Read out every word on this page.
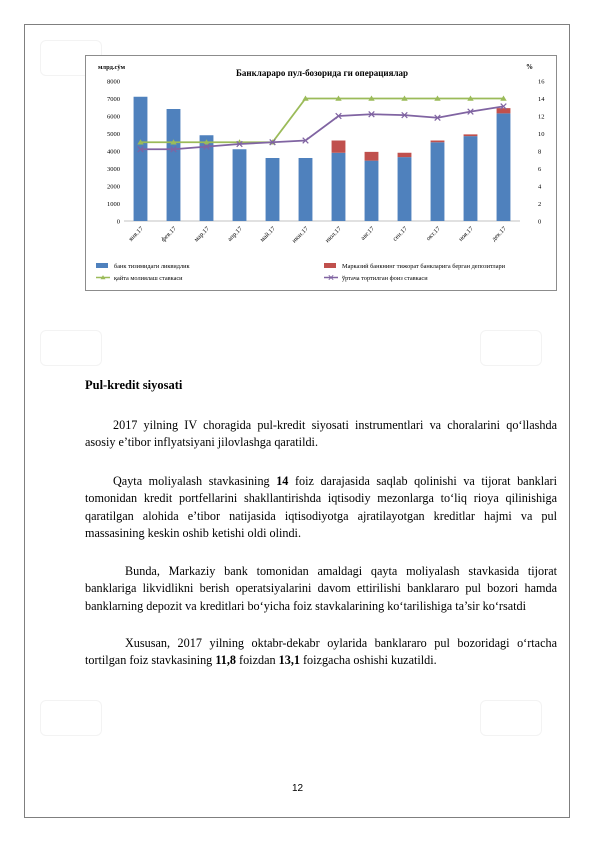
Банклараро пул-бозорида ги операциялар
млрд.сўм	%
0
1000
2000
3000
4000
5000
6000
7000
8000
0
2
4
6
8
10
12
14
16
янв.17 фев.17 мар.17 апр.17 май.17 июн.17 июл.17	авг.17 сен.17 окт.17 ноя.17 дек.17
банк тизимидаги ликвидлик	Марказий банкнинг тижорат банкларига берган депозитлари
қайта молиялаш ставкаси	ўртача тортилган фоиз ставкаси
Pul-kredit siyosati

2017 yilning IV choragida pul-kredit siyosati instrumentlari va choralarini qo‘llashda asosiy e’tibor inflyatsiyani jilovlashga qaratildi.

Qayta moliyalash stavkasining 14 foiz darajasida saqlab qolinishi va tijorat banklari tomonidan kredit portfellarini shakllantirishda iqtisodiy mezonlarga to‘liq rioya qilinishiga qaratilgan alohida e’tibor natijasida iqtisodiyotga ajratilayotgan kreditlar hajmi va pul massasining keskin oshib ketishi oldi olindi.

Bunda, Markaziy bank tomonidan amaldagi qayta moliyalash stavkasida tijorat banklariga likvidlikni berish operatsiyalarini davom ettirilishi banklararo pul bozori hamda banklarning depozit va kreditlari bo‘yicha foiz stavkalarining ko‘tarilishiga ta’sir ko‘rsatdi

Xususan, 2017 yilning oktabr-dekabr oylarida banklararo pul bozoridagi o‘rtacha tortilgan foiz stavkasining 11,8 foizdan 13,1 foizgacha oshishi kuzatildi.

12
